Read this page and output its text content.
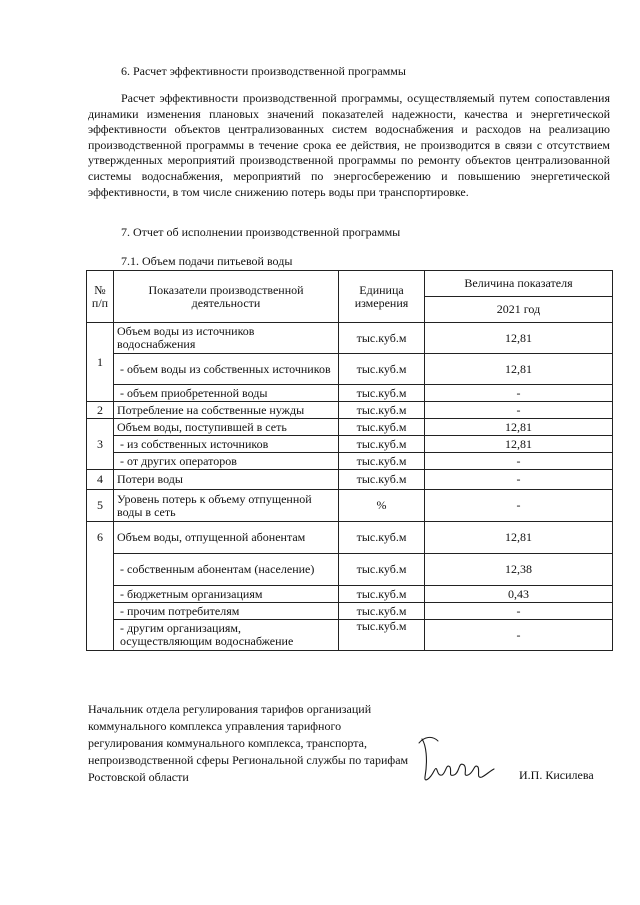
6. Расчет эффективности производственной программы

Расчет эффективности производственной программы, осуществляемый путем сопоставления динамики изменения плановых значений показателей надежности, качества и энергетической эффективности объектов централизованных систем водоснабжения и расходов на реализацию производственной программы в течение срока ее действия, не производится в связи с отсутствием утвержденных мероприятий производственной программы по ремонту объектов централизованной системы водоснабжения, мероприятий по энергосбережению и повышению энергетической эффективности, в том числе снижению потерь воды при транспортировке.

7. Отчет об исполнении производственной программы
7.1. Объем подачи питьевой воды
№ п/п	Показатели производственной деятельности	Единица измерения	Величина показателя
			2021 год
1	Объем воды из источников водоснабжения	тыс.куб.м	12,81
	- объем воды из собственных источников	тыс.куб.м	12,81
	- объем приобретенной воды	тыс.куб.м	-
2	Потребление на собственные нужды	тыс.куб.м	-
3	Объем воды, поступившей в сеть	тыс.куб.м	12,81
	- из собственных источников	тыс.куб.м	12,81
	- от других операторов	тыс.куб.м	-
4	Потери воды	тыс.куб.м	-
5	Уровень потерь к объему отпущенной воды в сеть	%	-
6	Объем воды, отпущенной абонентам	тыс.куб.м	12,81
	- собственным абонентам (население)	тыс.куб.м	12,38
	- бюджетным организациям	тыс.куб.м	0,43
	- прочим потребителям	тыс.куб.м	-
	- другим организациям, осуществляющим водоснабжение	тыс.куб.м	-

Начальник отдела регулирования тарифов организаций коммунального комплекса управления тарифного регулирования коммунального комплекса, транспорта, непроизводственной сферы Региональной службы по тарифам Ростовской области	И.П. Кисилева
